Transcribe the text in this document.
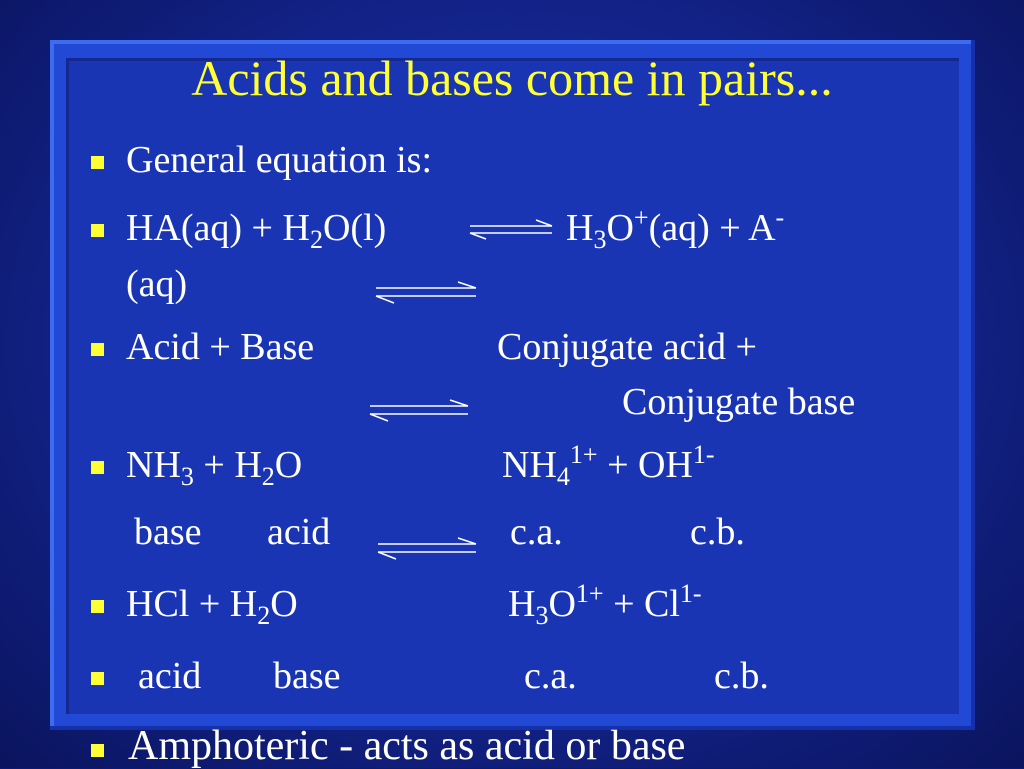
Acids and bases come in pairs...
General equation is:
$HA(aq) + H_2O(l)$	$H_3O^+(aq) + A^-$
(aq)
Acid + Base	Conjugate acid +
Conjugate base
$NH_3 + H_2O$	$NH_4^{1+} + OH^{1-}$
base acid	c.a.	c.b.
HCl + $H_2O$	$H_3O^{1+} + Cl^{1-}$
acid base	c.a.	c.b.
Amphoteric - acts as acid or base
